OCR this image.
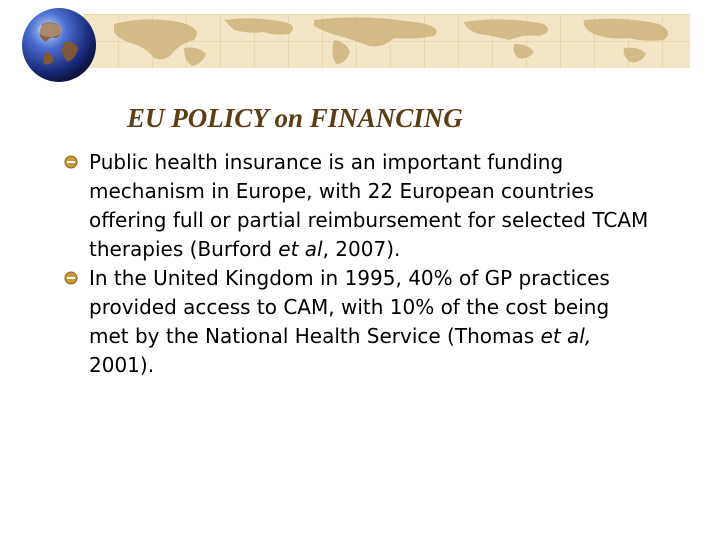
EU POLICY on FINANCING
Public health insurance is an important funding mechanism in Europe, with 22 European countries offering full or partial reimbursement for selected TCAM therapies (Burford et al, 2007).
In the United Kingdom in 1995, 40% of GP practices provided access to CAM, with 10% of the cost being met by the National Health Service (Thomas et al, 2001).
